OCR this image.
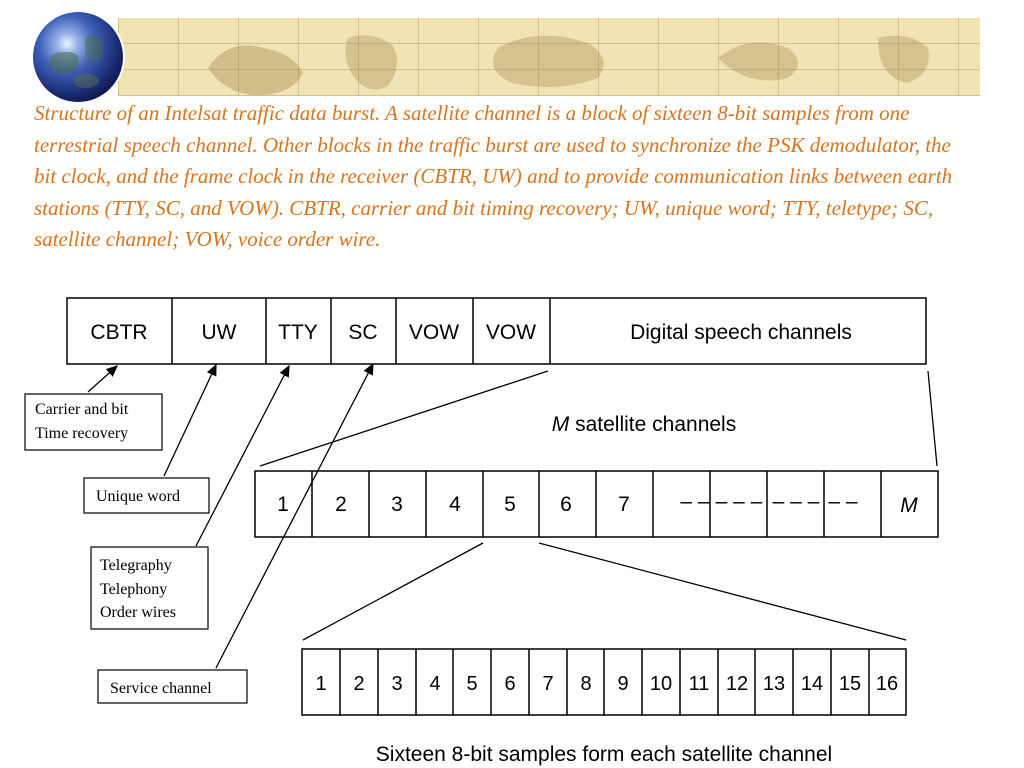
Structure of an Intelsat traffic data burst. A satellite channel is a block of sixteen 8-bit samples from one terrestrial speech channel. Other blocks in the traffic burst are used to synchronize the PSK demodulator, the bit clock, and the frame clock in the receiver (CBTR, UW) and to provide communication links between earth stations (TTY, SC, and VOW). CBTR, carrier and bit timing recovery; UW, unique word; TTY, teletype; SC, satellite channel; VOW, voice order wire.

CBTR	UW TTY SC VOW VOW	Digital speech channels
M satellite channels
1 2 3 4 5 6 7 – – – – – – – – – – M
1 2 3 4 5 6 7 8 9 10 11 12 13 14 15 16
Sixteen 8-bit samples form each satellite channel
Carrier and bit
Time recovery
Unique word
Telegraphy
Telephony
Order wires
Service channel
